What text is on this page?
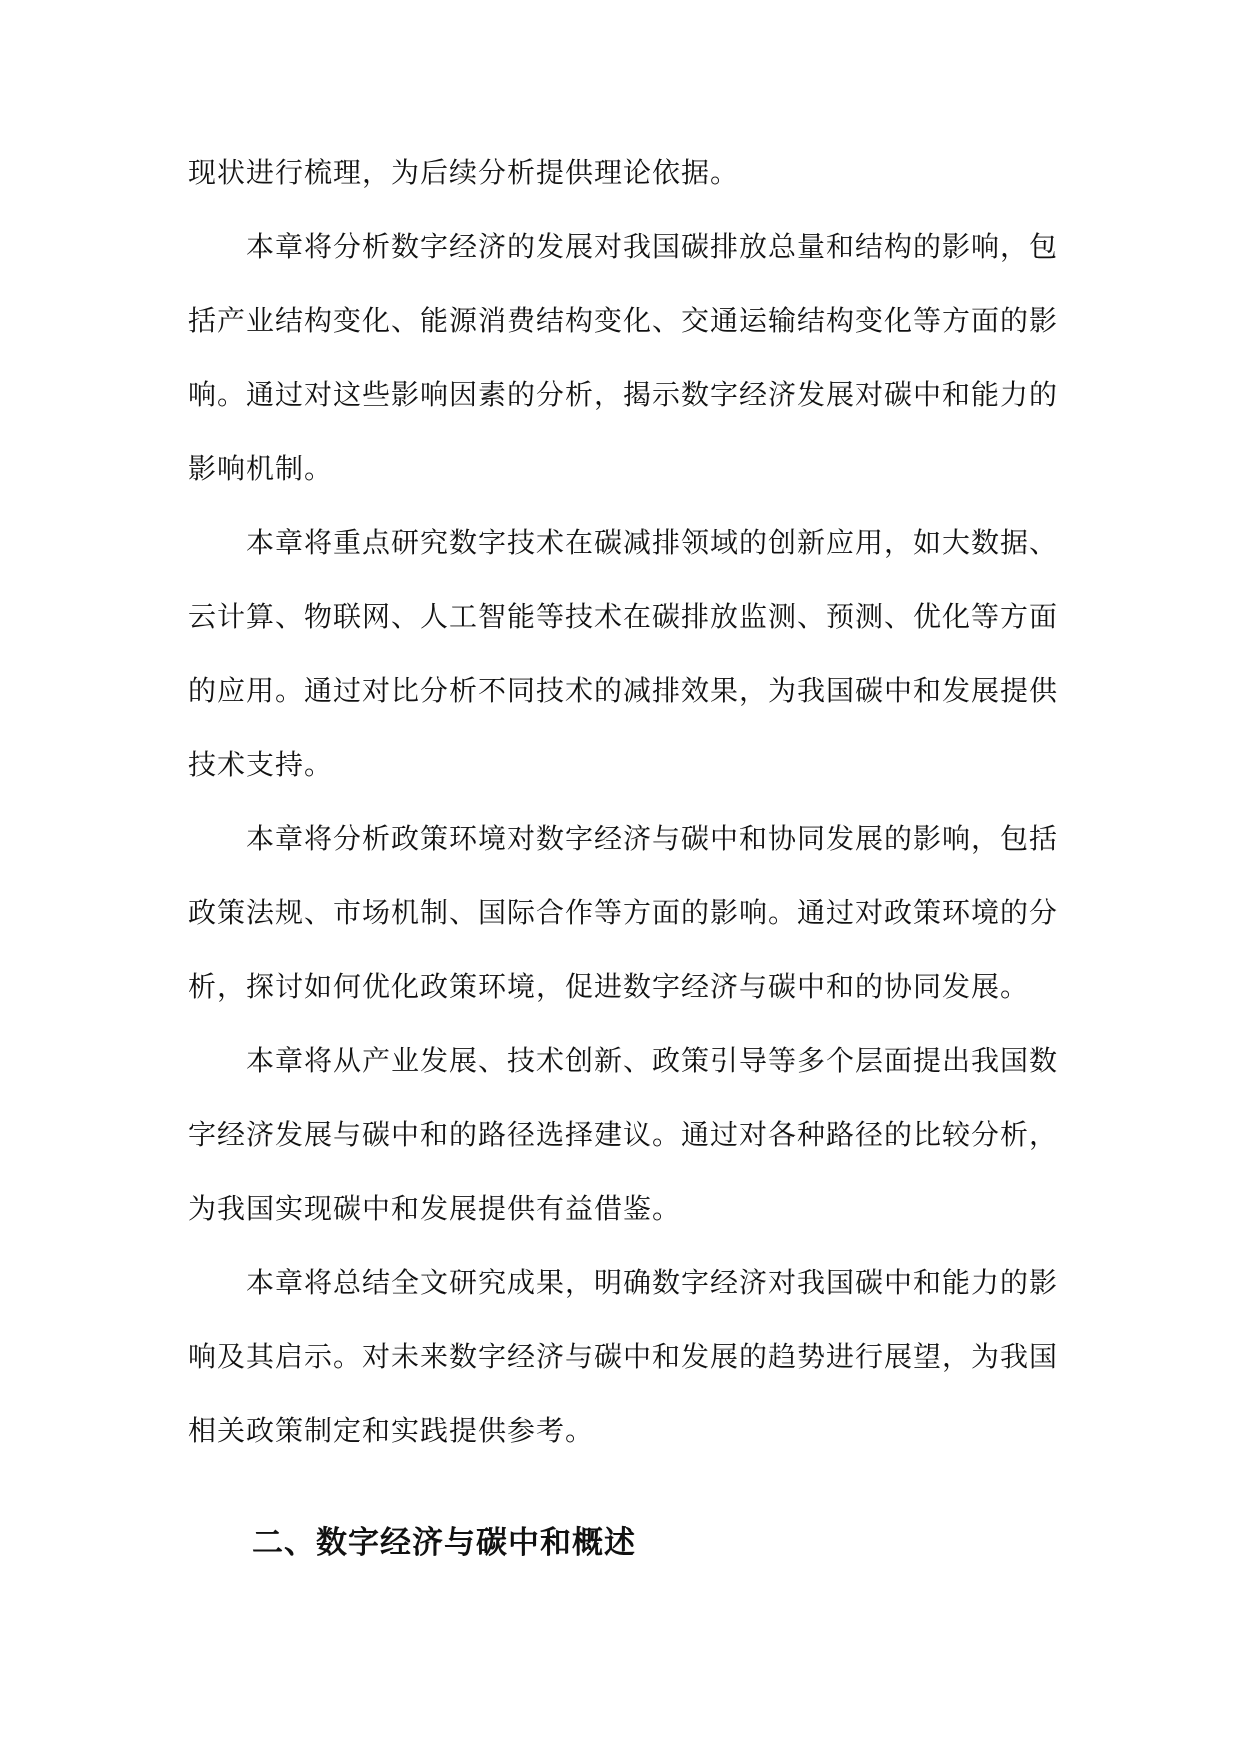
现状进行梳理，为后续分析提供理论依据。

本章将分析数字经济的发展对我国碳排放总量和结构的影响，包括产业结构变化、能源消费结构变化、交通运输结构变化等方面的影响。通过对这些影响因素的分析，揭示数字经济发展对碳中和能力的影响机制。

本章将重点研究数字技术在碳减排领域的创新应用，如大数据、云计算、物联网、人工智能等技术在碳排放监测、预测、优化等方面的应用。通过对比分析不同技术的减排效果，为我国碳中和发展提供技术支持。

本章将分析政策环境对数字经济与碳中和协同发展的影响，包括政策法规、市场机制、国际合作等方面的影响。通过对政策环境的分析，探讨如何优化政策环境，促进数字经济与碳中和的协同发展。

本章将从产业发展、技术创新、政策引导等多个层面提出我国数字经济发展与碳中和的路径选择建议。通过对各种路径的比较分析，为我国实现碳中和发展提供有益借鉴。

本章将总结全文研究成果，明确数字经济对我国碳中和能力的影响及其启示。对未来数字经济与碳中和发展的趋势进行展望，为我国相关政策制定和实践提供参考。

二、数字经济与碳中和概述
